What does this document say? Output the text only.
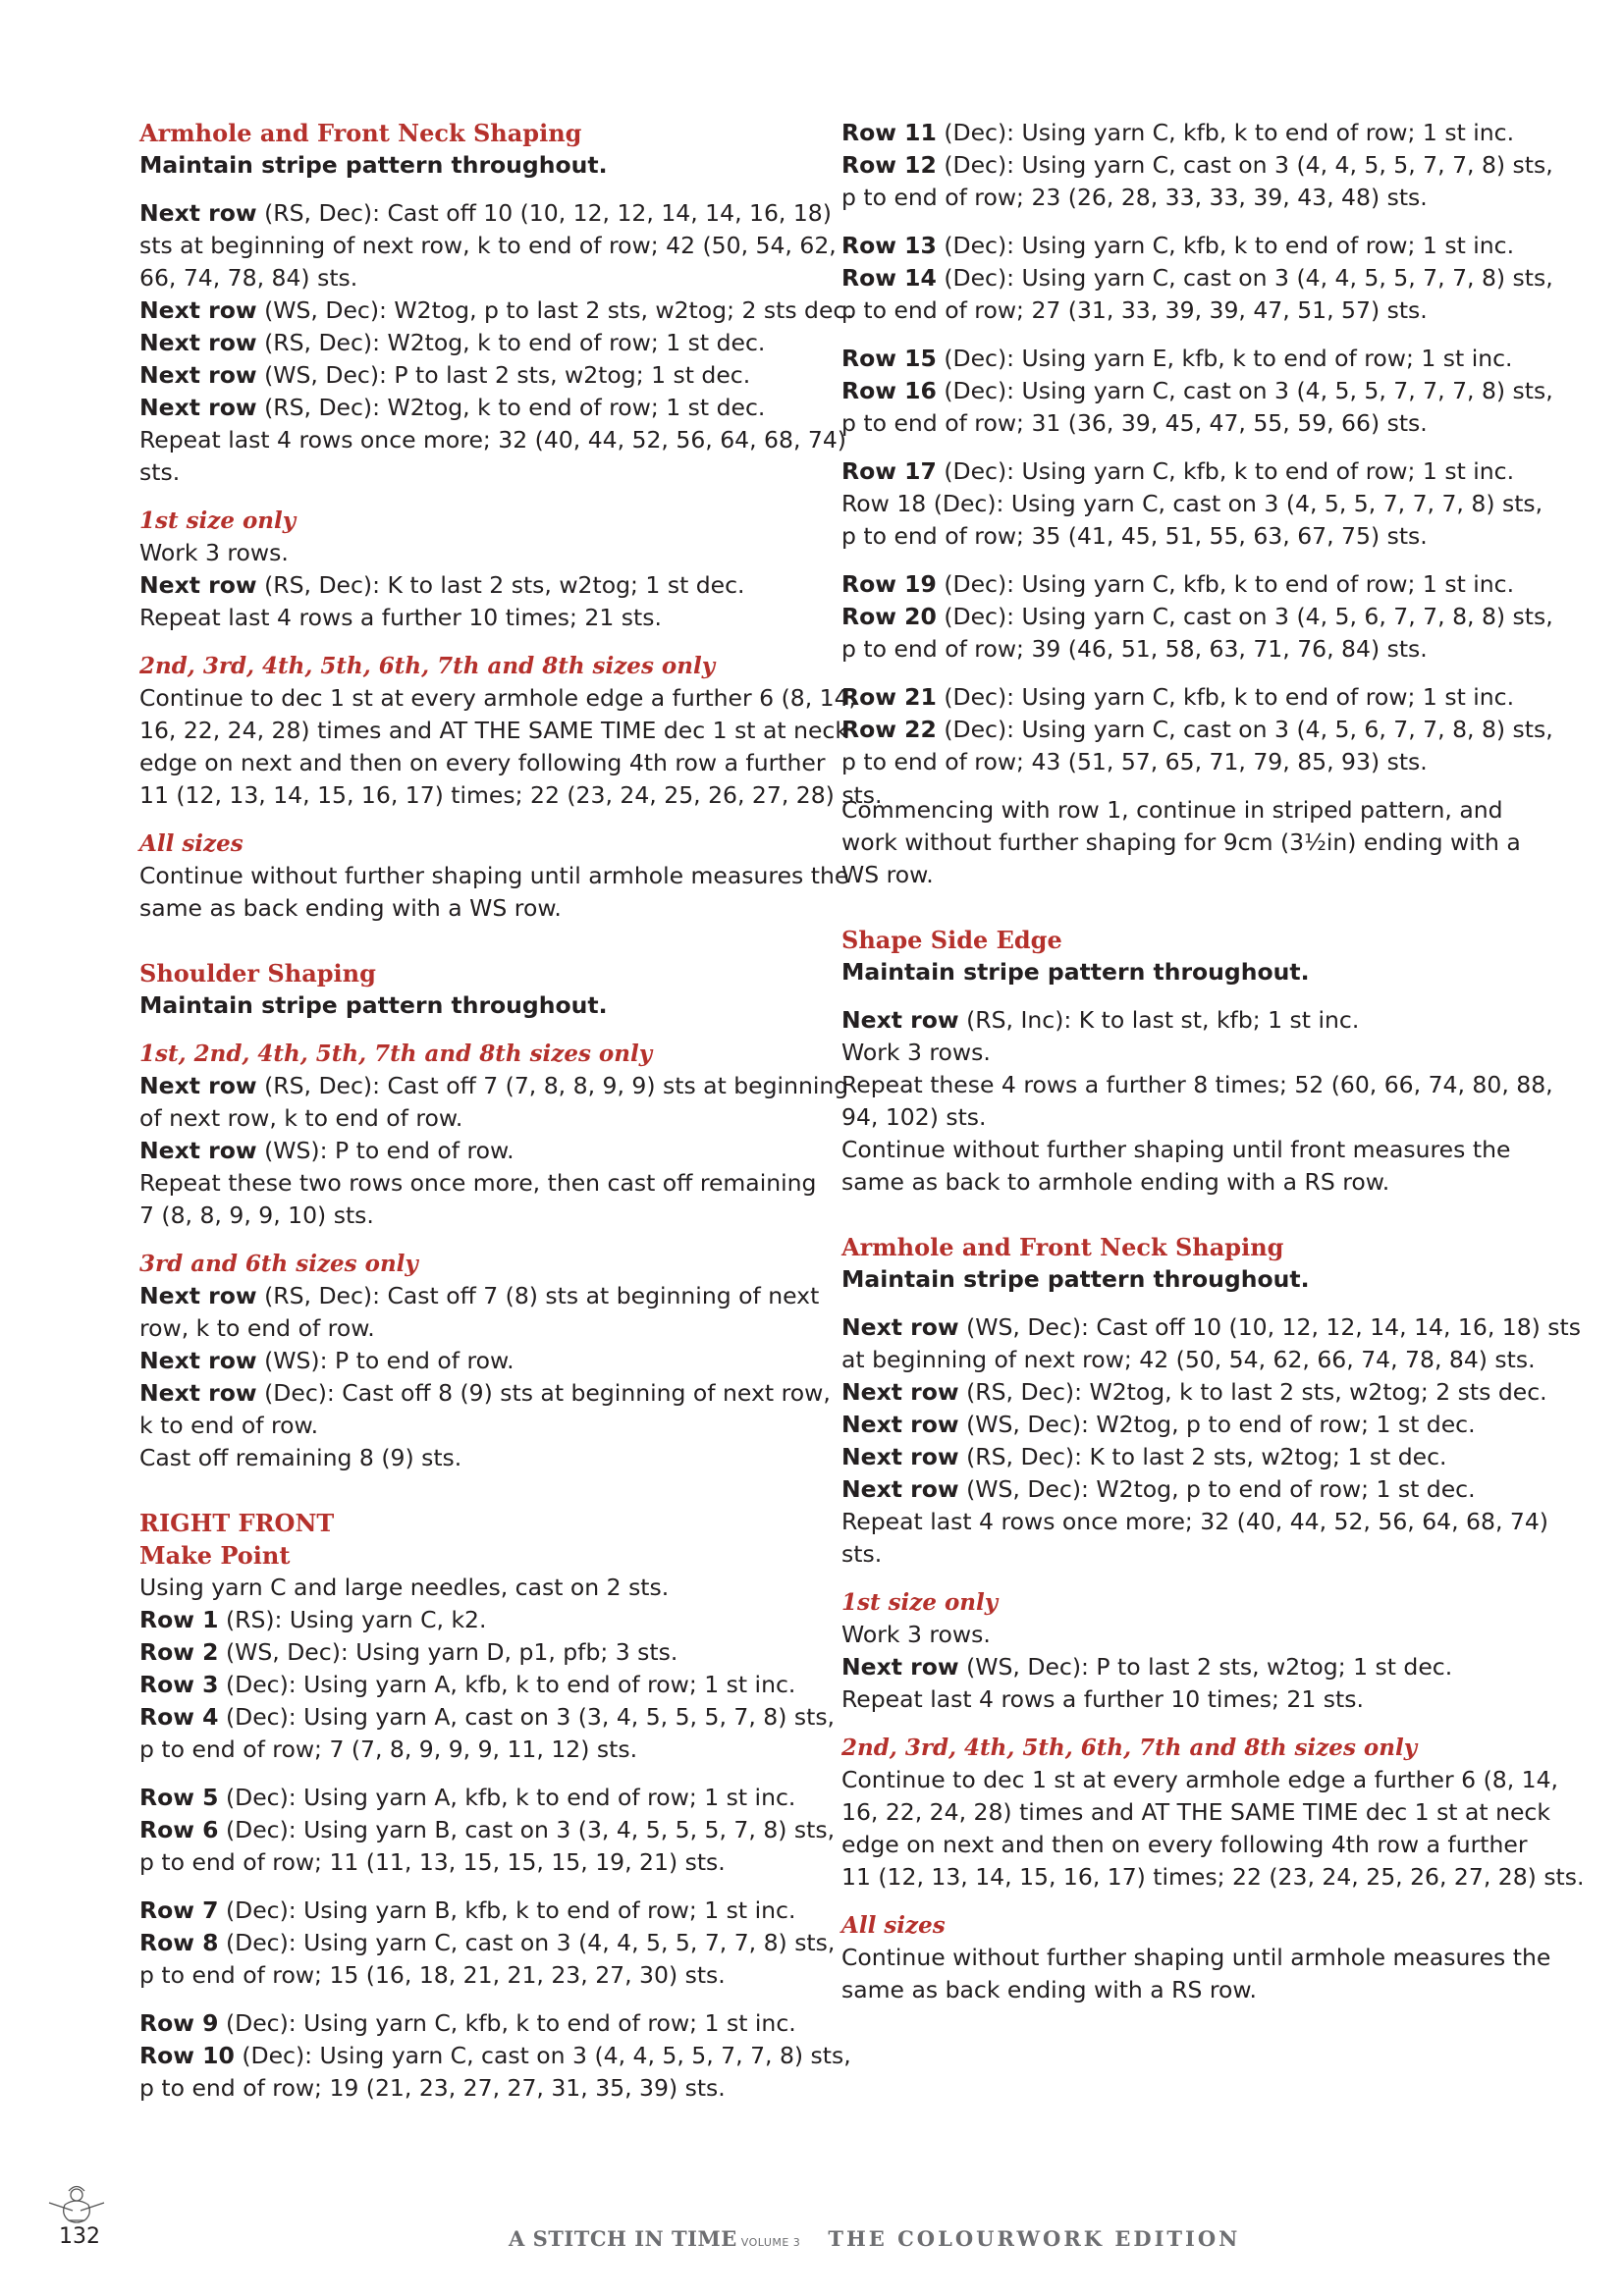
Armhole and Front Neck Shaping
Maintain stripe pattern throughout.
Next row (RS, Dec): Cast off 10 (10, 12, 12, 14, 14, 16, 18)
sts at beginning of next row, k to end of row; 42 (50, 54, 62,
66, 74, 78, 84) sts.
Next row (WS, Dec): W2tog, p to last 2 sts, w2tog; 2 sts dec.
Next row (RS, Dec): W2tog, k to end of row; 1 st dec.
Next row (WS, Dec): P to last 2 sts, w2tog; 1 st dec.
Next row (RS, Dec): W2tog, k to end of row; 1 st dec.
Repeat last 4 rows once more; 32 (40, 44, 52, 56, 64, 68, 74)
sts.
1st size only
Work 3 rows.
Next row (RS, Dec): K to last 2 sts, w2tog; 1 st dec.
Repeat last 4 rows a further 10 times; 21 sts.
2nd, 3rd, 4th, 5th, 6th, 7th and 8th sizes only
Continue to dec 1 st at every armhole edge a further 6 (8, 14,
16, 22, 24, 28) times and AT THE SAME TIME dec 1 st at neck
edge on next and then on every following 4th row a further
11 (12, 13, 14, 15, 16, 17) times; 22 (23, 24, 25, 26, 27, 28) sts.
All sizes
Continue without further shaping until armhole measures the
same as back ending with a WS row.
Shoulder Shaping
Maintain stripe pattern throughout.
1st, 2nd, 4th, 5th, 7th and 8th sizes only
Next row (RS, Dec): Cast off 7 (7, 8, 8, 9, 9) sts at beginning
of next row, k to end of row.
Next row (WS): P to end of row.
Repeat these two rows once more, then cast off remaining
7 (8, 8, 9, 9, 10) sts.
3rd and 6th sizes only
Next row (RS, Dec): Cast off 7 (8) sts at beginning of next
row, k to end of row.
Next row (WS): P to end of row.
Next row (Dec): Cast off 8 (9) sts at beginning of next row,
k to end of row.
Cast off remaining 8 (9) sts.
RIGHT FRONT
Make Point
Using yarn C and large needles, cast on 2 sts.
Row 1 (RS): Using yarn C, k2.
Row 2 (WS, Dec): Using yarn D, p1, pfb; 3 sts.
Row 3 (Dec): Using yarn A, kfb, k to end of row; 1 st inc.
Row 4 (Dec): Using yarn A, cast on 3 (3, 4, 5, 5, 5, 7, 8) sts,
p to end of row; 7 (7, 8, 9, 9, 9, 11, 12) sts.
Row 5 (Dec): Using yarn A, kfb, k to end of row; 1 st inc.
Row 6 (Dec): Using yarn B, cast on 3 (3, 4, 5, 5, 5, 7, 8) sts,
p to end of row; 11 (11, 13, 15, 15, 15, 19, 21) sts.
Row 7 (Dec): Using yarn B, kfb, k to end of row; 1 st inc.
Row 8 (Dec): Using yarn C, cast on 3 (4, 4, 5, 5, 7, 7, 8) sts,
p to end of row; 15 (16, 18, 21, 21, 23, 27, 30) sts.
Row 9 (Dec): Using yarn C, kfb, k to end of row; 1 st inc.
Row 10 (Dec): Using yarn C, cast on 3 (4, 4, 5, 5, 7, 7, 8) sts,
p to end of row; 19 (21, 23, 27, 27, 31, 35, 39) sts.
Row 11 (Dec): Using yarn C, kfb, k to end of row; 1 st inc.
Row 12 (Dec): Using yarn C, cast on 3 (4, 4, 5, 5, 7, 7, 8) sts,
p to end of row; 23 (26, 28, 33, 33, 39, 43, 48) sts.
Row 13 (Dec): Using yarn C, kfb, k to end of row; 1 st inc.
Row 14 (Dec): Using yarn C, cast on 3 (4, 4, 5, 5, 7, 7, 8) sts,
p to end of row; 27 (31, 33, 39, 39, 47, 51, 57) sts.
Row 15 (Dec): Using yarn E, kfb, k to end of row; 1 st inc.
Row 16 (Dec): Using yarn C, cast on 3 (4, 5, 5, 7, 7, 7, 8) sts,
p to end of row; 31 (36, 39, 45, 47, 55, 59, 66) sts.
Row 17 (Dec): Using yarn C, kfb, k to end of row; 1 st inc.
Row 18 (Dec): Using yarn C, cast on 3 (4, 5, 5, 7, 7, 7, 8) sts,
p to end of row; 35 (41, 45, 51, 55, 63, 67, 75) sts.
Row 19 (Dec): Using yarn C, kfb, k to end of row; 1 st inc.
Row 20 (Dec): Using yarn C, cast on 3 (4, 5, 6, 7, 7, 8, 8) sts,
p to end of row; 39 (46, 51, 58, 63, 71, 76, 84) sts.
Row 21 (Dec): Using yarn C, kfb, k to end of row; 1 st inc.
Row 22 (Dec): Using yarn C, cast on 3 (4, 5, 6, 7, 7, 8, 8) sts,
p to end of row; 43 (51, 57, 65, 71, 79, 85, 93) sts.
Commencing with row 1, continue in striped pattern, and
work without further shaping for 9cm (3½in) ending with a
WS row.
Shape Side Edge
Maintain stripe pattern throughout.
Next row (RS, Inc): K to last st, kfb; 1 st inc.
Work 3 rows.
Repeat these 4 rows a further 8 times; 52 (60, 66, 74, 80, 88,
94, 102) sts.
Continue without further shaping until front measures the
same as back to armhole ending with a RS row.
Armhole and Front Neck Shaping
Maintain stripe pattern throughout.
Next row (WS, Dec): Cast off 10 (10, 12, 12, 14, 14, 16, 18) sts
at beginning of next row; 42 (50, 54, 62, 66, 74, 78, 84) sts.
Next row (RS, Dec): W2tog, k to last 2 sts, w2tog; 2 sts dec.
Next row (WS, Dec): W2tog, p to end of row; 1 st dec.
Next row (RS, Dec): K to last 2 sts, w2tog; 1 st dec.
Next row (WS, Dec): W2tog, p to end of row; 1 st dec.
Repeat last 4 rows once more; 32 (40, 44, 52, 56, 64, 68, 74)
sts.
1st size only
Work 3 rows.
Next row (WS, Dec): P to last 2 sts, w2tog; 1 st dec.
Repeat last 4 rows a further 10 times; 21 sts.
2nd, 3rd, 4th, 5th, 6th, 7th and 8th sizes only
Continue to dec 1 st at every armhole edge a further 6 (8, 14,
16, 22, 24, 28) times and AT THE SAME TIME dec 1 st at neck
edge on next and then on every following 4th row a further
11 (12, 13, 14, 15, 16, 17) times; 22 (23, 24, 25, 26, 27, 28) sts.
All sizes
Continue without further shaping until armhole measures the
same as back ending with a RS row.
132	A STITCH IN TIME VOLUME 3 THE COLOURWORK EDITION
